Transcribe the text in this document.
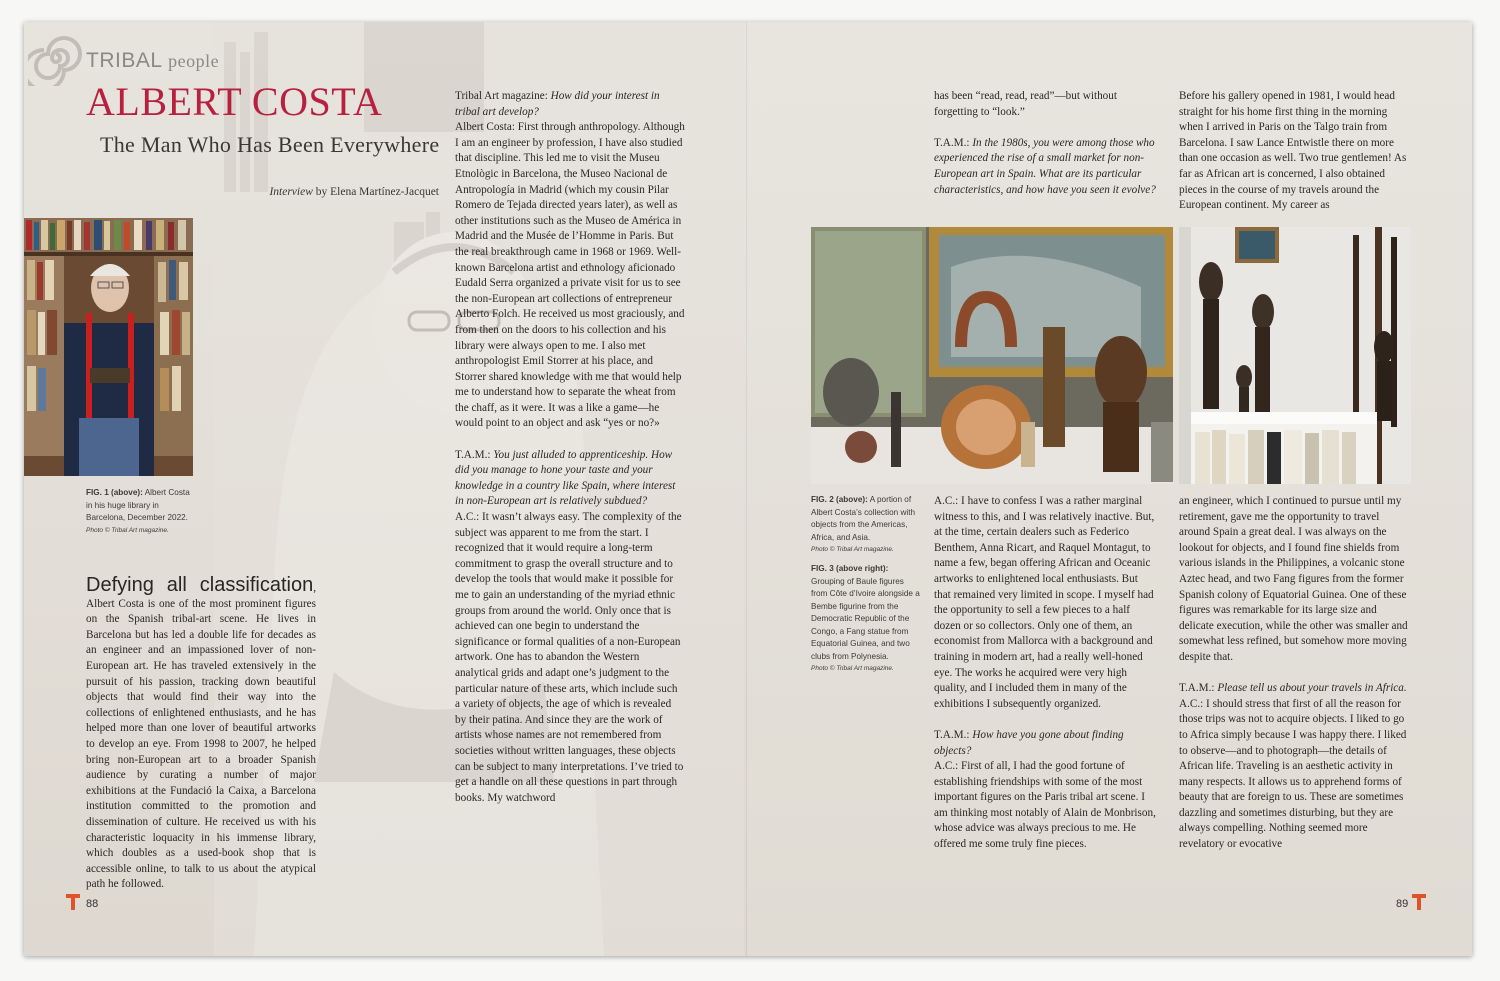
TRIBAL people
ALBERT COSTA
The Man Who Has Been Everywhere
Interview by Elena Martínez-Jacquet
FIG. 1 (above): Albert Costa in his huge library in Barcelona, December 2022.
Photo © Tribal Art magazine.
Defying all classification, Albert Costa is one of the most prominent figures on the Spanish tribal-art scene. He lives in Barcelona but has led a double life for decades as an engineer and an impassioned lover of non-European art. He has traveled extensively in the pursuit of his passion, tracking down beautiful objects that would find their way into the collections of enlightened enthusiasts, and he has helped more than one lover of beautiful artworks to develop an eye. From 1998 to 2007, he helped bring non-European art to a broader Spanish audience by curating a number of major exhibitions at the Fundació la Caixa, a Barcelona institution committed to the promotion and dissemination of culture. He received us with his characteristic loquacity in his immense library, which doubles as a used-book shop that is accessible online, to talk to us about the atypical path he followed.

Tribal Art magazine: How did your interest in tribal art develop?

Albert Costa: First through anthropology. Although I am an engineer by profession, I have also studied that discipline. This led me to visit the Museu Etnològic in Barcelona, the Museo Nacional de Antropología in Madrid (which my cousin Pilar Romero de Tejada directed years later), as well as other institutions such as the Museo de América in Madrid and the Musée de l’Homme in Paris. But the real breakthrough came in 1968 or 1969. Well-known Barcelona artist and ethnology aficionado Eudald Serra organized a private visit for us to see the non-European art collections of entrepreneur Alberto Folch. He received us most graciously, and from then on the doors to his collection and his library were always open to me. I also met anthropologist Emil Storrer at his place, and Storrer shared knowledge with me that would help me to understand how to separate the wheat from the chaff, as it were. It was a like a game—he would point to an object and ask “yes or no?»

T.A.M.: You just alluded to apprenticeship. How did you manage to hone your taste and your knowledge in a country like Spain, where interest in non-European art is relatively subdued?

A.C.: It wasn’t always easy. The complexity of the subject was apparent to me from the start. I recognized that it would require a long-term commitment to grasp the overall structure and to develop the tools that would make it possible for me to gain an understanding of the myriad ethnic groups from around the world. Only once that is achieved can one begin to understand the significance or formal qualities of a non-European artwork. One has to abandon the Western analytical grids and adapt one’s judgment to the particular nature of these arts, which include such a variety of objects, the age of which is revealed by their patina. And since they are the work of artists whose names are not remembered from societies without written languages, these objects can be subject to many interpretations. I’ve tried to get a handle on all these questions in part through books. My watchword

88

has been “read, read, read”—but without forgetting to “look.”

T.A.M.: In the 1980s, you were among those who experienced the rise of a small market for non-European art in Spain. What are its particular characteristics, and how have you seen it evolve?

Before his gallery opened in 1981, I would head straight for his home first thing in the morning when I arrived in Paris on the Talgo train from Barcelona. I saw Lance Entwistle there on more than one occasion as well. Two true gentlemen! As far as African art is concerned, I also obtained pieces in the course of my travels around the European continent. My career as

FIG. 2 (above): A portion of Albert Costa’s collection with objects from the Americas, Africa, and Asia.
Photo © Tribal Art magazine.
FIG. 3 (above right): Grouping of Baule figures from Côte d’Ivoire alongside a Bembe figurine from the Democratic Republic of the Congo, a Fang statue from Equatorial Guinea, and two clubs from Polynesia.
Photo © Tribal Art magazine.

A.C.: I have to confess I was a rather marginal witness to this, and I was relatively inactive. But, at the time, certain dealers such as Federico Benthem, Anna Ricart, and Raquel Montagut, to name a few, began offering African and Oceanic artworks to enlightened local enthusiasts. But that remained very limited in scope. I myself had the opportunity to sell a few pieces to a half dozen or so collectors. Only one of them, an economist from Mallorca with a background and training in modern art, had a really well-honed eye. The works he acquired were very high quality, and I included them in many of the exhibitions I subsequently organized.

T.A.M.: How have you gone about finding objects?

A.C.: First of all, I had the good fortune of establishing friendships with some of the most important figures on the Paris tribal art scene. I am thinking most notably of Alain de Monbrison, whose advice was always precious to me. He offered me some truly fine pieces.

an engineer, which I continued to pursue until my retirement, gave me the opportunity to travel around Spain a great deal. I was always on the lookout for objects, and I found fine shields from various islands in the Philippines, a volcanic stone Aztec head, and two Fang figures from the former Spanish colony of Equatorial Guinea. One of these figures was remarkable for its large size and delicate execution, while the other was smaller and somewhat less refined, but somehow more moving despite that.

T.A.M.: Please tell us about your travels in Africa.

A.C.: I should stress that first of all the reason for those trips was not to acquire objects. I liked to go to Africa simply because I was happy there. I liked to observe—and to photograph—the details of African life. Traveling is an aesthetic activity in many respects. It allows us to apprehend forms of beauty that are foreign to us. These are sometimes dazzling and sometimes disturbing, but they are always compelling. Nothing seemed more revelatory or evocative

89
